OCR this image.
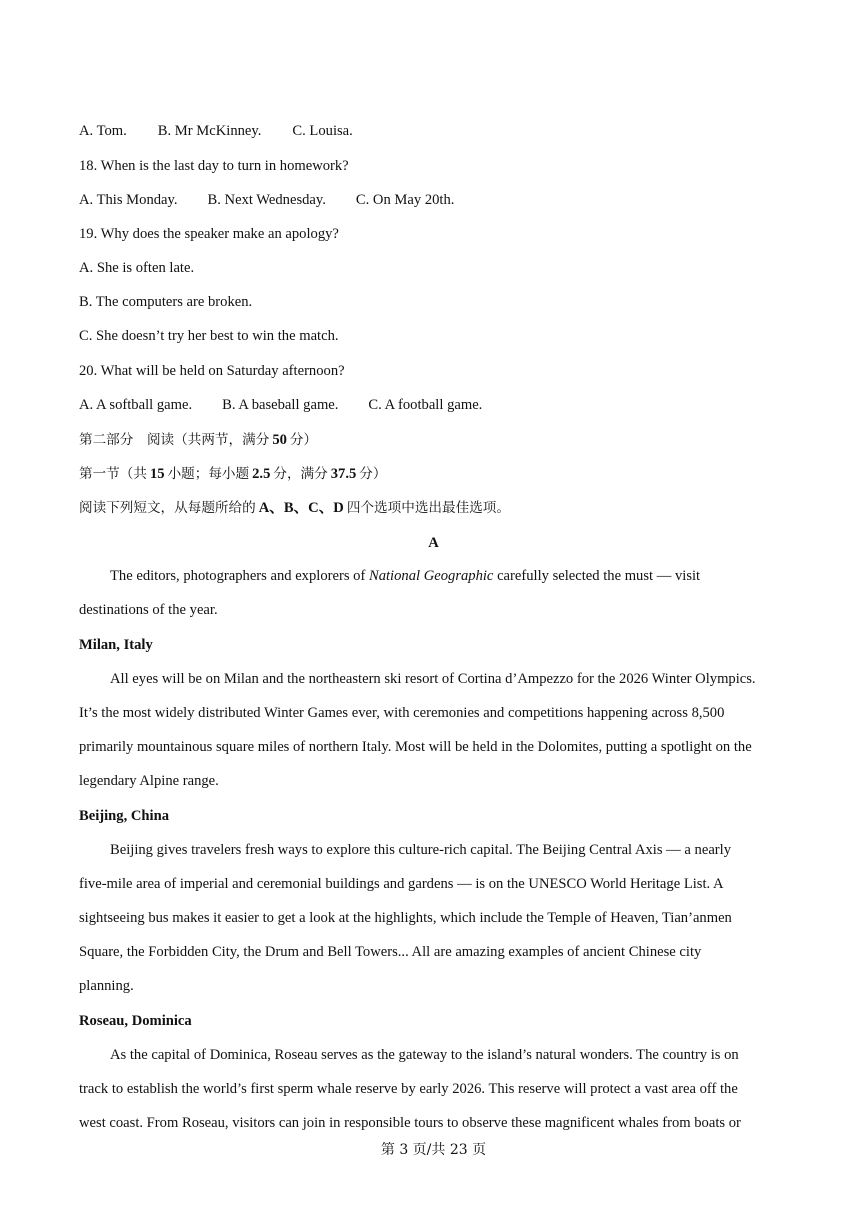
A. Tom. B. Mr McKinney. C. Louisa.
18. When is the last day to turn in homework?
A. This Monday. B. Next Wednesday. C. On May 20th.
19. Why does the speaker make an apology?
A. She is often late.
B. The computers are broken.
C. She doesn’t try her best to win the match.
20. What will be held on Saturday afternoon?
A. A softball game. B. A baseball game. C. A football game.
第二部分　阅读（共两节，满分 50 分）
第一节（共 15 小题；每小题 2.5 分，满分 37.5 分）
阅读下列短文，从每题所给的 A、B、C、D 四个选项中选出最佳选项。
A
The editors, photographers and explorers of National Geographic carefully selected the must — visit
destinations of the year.
Milan, Italy
All eyes will be on Milan and the northeastern ski resort of Cortina d’Ampezzo for the 2026 Winter Olympics.
It’s the most widely distributed Winter Games ever, with ceremonies and competitions happening across 8,500
primarily mountainous square miles of northern Italy. Most will be held in the Dolomites, putting a spotlight on the
legendary Alpine range.
Beijing, China
Beijing gives travelers fresh ways to explore this culture-rich capital. The Beijing Central Axis — a nearly
five-mile area of imperial and ceremonial buildings and gardens — is on the UNESCO World Heritage List. A
sightseeing bus makes it easier to get a look at the highlights, which include the Temple of Heaven, Tian’anmen
Square, the Forbidden City, the Drum and Bell Towers... All are amazing examples of ancient Chinese city
planning.
Roseau, Dominica
As the capital of Dominica, Roseau serves as the gateway to the island’s natural wonders. The country is on
track to establish the world’s first sperm whale reserve by early 2026. This reserve will protect a vast area off the
west coast. From Roseau, visitors can join in responsible tours to observe these magnificent whales from boats or
第 3 页/共 23 页
